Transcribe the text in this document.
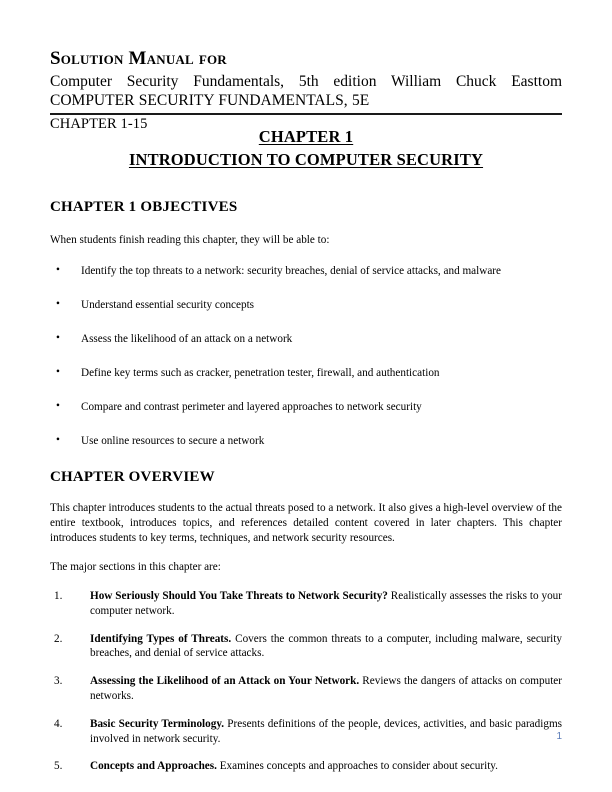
Solution Manual for
Computer Security Fundamentals, 5th edition William Chuck Easttom COMPUTER SECURITY FUNDAMENTALS, 5E
CHAPTER 1-15
CHAPTER 1
INTRODUCTION TO COMPUTER SECURITY
CHAPTER 1 OBJECTIVES

When students finish reading this chapter, they will be able to:

• Identify the top threats to a network: security breaches, denial of service attacks, and malware
• Understand essential security concepts
• Assess the likelihood of an attack on a network
• Define key terms such as cracker, penetration tester, firewall, and authentication
• Compare and contrast perimeter and layered approaches to network security
• Use online resources to secure a network
CHAPTER OVERVIEW

This chapter introduces students to the actual threats posed to a network. It also gives a high-level overview of the entire textbook, introduces topics, and references detailed content covered in later chapters. This chapter introduces students to key terms, techniques, and network security resources.

The major sections in this chapter are:

1. How Seriously Should You Take Threats to Network Security? Realistically assesses the risks to your computer network.
2. Identifying Types of Threats. Covers the common threats to a computer, including malware, security breaches, and denial of service attacks.
3. Assessing the Likelihood of an Attack on Your Network. Reviews the dangers of attacks on computer networks.
4. Basic Security Terminology. Presents definitions of the people, devices, activities, and basic paradigms involved in network security.
5. Concepts and Approaches. Examines concepts and approaches to consider about security.
1
